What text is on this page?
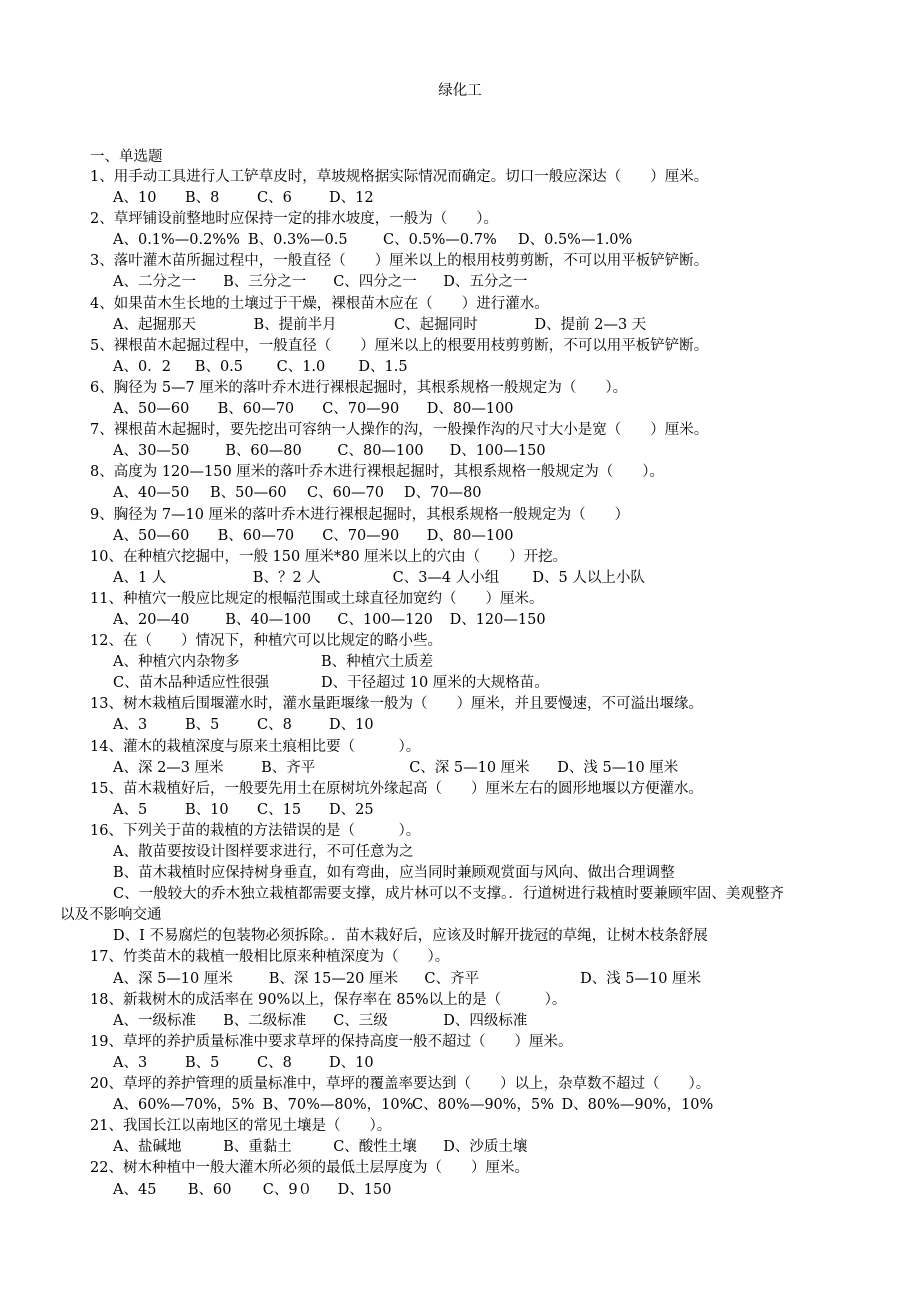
绿化工
一、单选题
1、用手动工具进行人工铲草皮时，草坡规格据实际情况而确定。切口一般应深达（　　）厘米。
A、10 B、8	C、6	D、12
2、草坪铺设前整地时应保持一定的排水坡度，一般为（　　）。
A、0.1%—0.2%% B、0.3%—0.5 C、0.5%—0.7% D、0.5%—1.0%
3、落叶灌木苗所掘过程中，一般直径（　　）厘米以上的根用枝剪剪断，不可以用平板铲铲断。
A、二分之一 B、三分之一 C、四分之一 D、五分之一
4、如果苗木生长地的土壤过于干燥，裸根苗木应在（　　）进行灌水。
A、起掘那天	B、提前半月	C、起掘同时	D、提前 2—3 天
5、裸根苗木起掘过程中，一般直径（　　）厘米以上的根要用枝剪剪断，不可以用平板铲铲断。
A、0．2 B、0.5 C、1.0 D、1.5
6、胸径为 5—7 厘米的落叶乔木进行裸根起掘时，其根系规格一般规定为（　　）。
A、50—60 B、60—70 C、70—90 D、80—100
7、裸根苗木起掘时，要先挖出可容纳一人操作的沟，一般操作沟的尺寸大小是宽（　　）厘米。
A、30—50 B、60—80 C、80—100 D、100—150
8、高度为 120—150 厘米的落叶乔木进行裸根起掘时，其根系规格一般规定为（　　）。
A、40—50 B、50—60 C、60—70 D、70—80
9、胸径为 7—10 厘米的落叶乔木进行裸根起掘时，其根系规格一般规定为（　　）
A、50—60 B、60—70 C、70—90 D、80—100
10、在种植穴挖掘中，一般 150 厘米*80 厘米以上的穴由（　　）开挖。
A、1 人	B、？2 人	C、3—4 人小组 D、5 人以上小队
11、种植穴一般应比规定的根幅范围或土球直径加宽约（　　）厘米。
A、20—40 B、40—100 C、100—120 D、120—150
12、在（　　）情况下，种植穴可以比规定的略小些。
A、种植穴内杂物多	B、种植穴土质差
C、苗木品种适应性很强	D、干径超过 10 厘米的大规格苗。
13、树木栽植后围堰灌水时，灌水量距堰缘一般为（　　）厘米，并且要慢速，不可溢出堰缘。
A、3	B、5	C、8	D、10
14、灌木的栽植深度与原来土痕相比要（　　　）。
A、深 2—3 厘米	B、齐平	C、深 5—10 厘米 D、浅 5—10 厘米
15、苗木栽植好后，一般要先用土在原树坑外缘起高（　　）厘米左右的圆形地堰以方便灌水。
A、5	B、10 C、15 D、25
16、下列关于苗的栽植的方法错误的是（　　　）。
A、散苗要按设计图样要求进行，不可任意为之
B、苗木栽植时应保持树身垂直，如有弯曲，应当同时兼顾观赏面与风向、做出合理调整
C、一般较大的乔木独立栽植都需要支撑，成片林可以不支撑。．行道树进行栽植时要兼顾牢固、美观整齐
以及不影响交通
D、I 不易腐烂的包装物必须拆除。．苗木栽好后，应该及时解开拢冠的草绳，让树木枝条舒展
17、竹类苗木的栽植一般相比原来种植深度为（　　）。
A、深 5—10 厘米 B、深 15—20 厘米 C、齐平	D、浅 5—10 厘米
18、新栽树木的成活率在 90%以上，保存率在 85%以上的是（　　　）。
A、一级标准 B、二级标准 C、三级	D、四级标准
19、草坪的养护质量标准中要求草坪的保持高度一般不超过（　　）厘米。
A、3	B、5	C、8	D、10
20、草坪的养护管理的质量标准中，草坪的覆盖率要达到（　　）以上，杂草数不超过（　　）。
A、60%—70%，5% B、70%—80%，10%C、80%—90%，5% D、80%—90%，10%
21、我国长江以南地区的常见土壤是（　　）。
A、盐碱地	B、重黏土	C、酸性土壤 D、沙质土壤
22、树木种植中一般大灌木所必须的最低土层厚度为（　　）厘米。
A、45 B、60 C、9０ D、150
